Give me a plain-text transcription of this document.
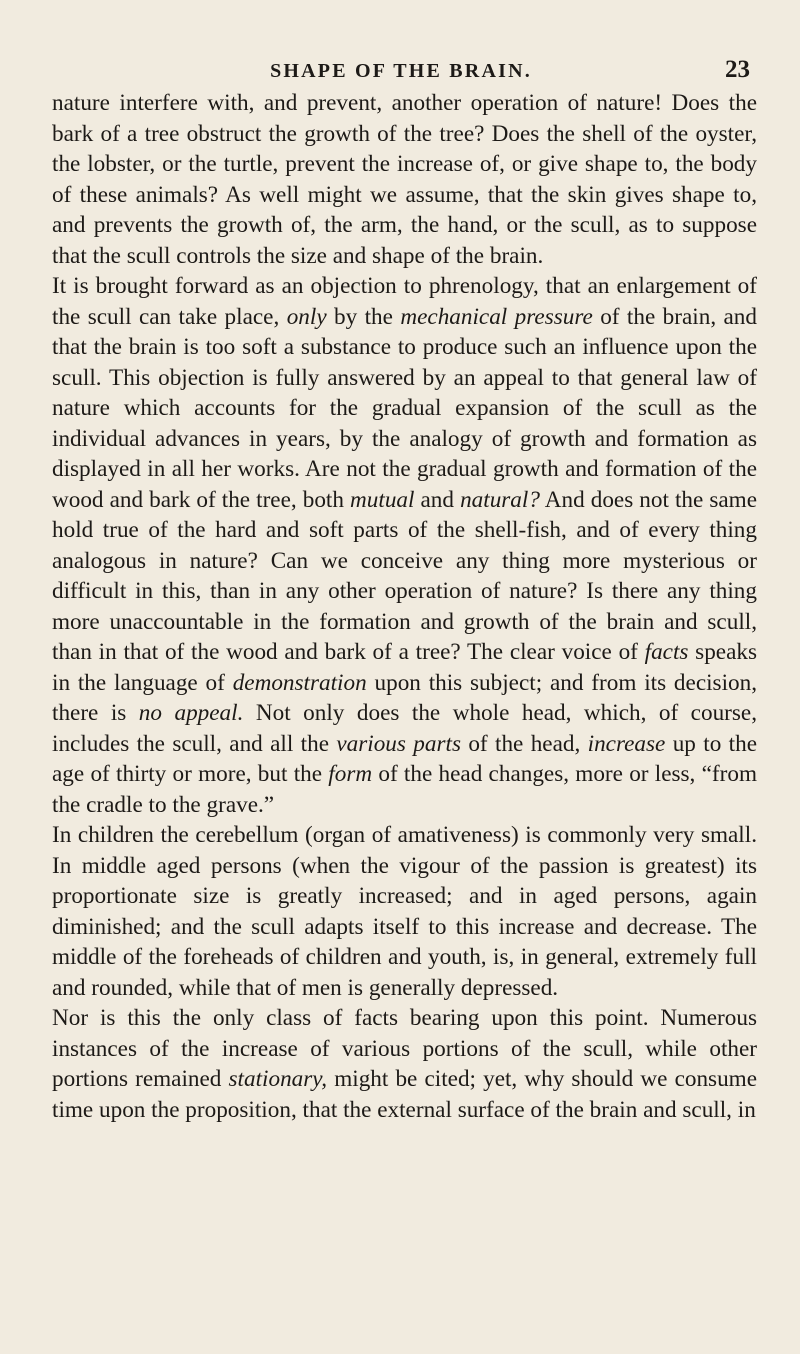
SHAPE OF THE BRAIN.	23

nature interfere with, and prevent, another operation of nature! Does the bark of a tree obstruct the growth of the tree? Does the shell of the oyster, the lobster, or the turtle, prevent the increase of, or give shape to, the body of these animals? As well might we assume, that the skin gives shape to, and prevents the growth of, the arm, the hand, or the scull, as to suppose that the scull controls the size and shape of the brain.

It is brought forward as an objection to phrenology, that an enlargement of the scull can take place, only by the mechanical pressure of the brain, and that the brain is too soft a substance to produce such an influence upon the scull. This objection is fully answered by an appeal to that general law of nature which accounts for the gradual expansion of the scull as the individual advances in years, by the analogy of growth and formation as displayed in all her works. Are not the gradual growth and formation of the wood and bark of the tree, both mutual and natural? And does not the same hold true of the hard and soft parts of the shell-fish, and of every thing analogous in nature? Can we conceive any thing more mysterious or difficult in this, than in any other operation of nature? Is there any thing more unaccountable in the formation and growth of the brain and scull, than in that of the wood and bark of a tree? The clear voice of facts speaks in the language of demonstration upon this subject; and from its decision, there is no appeal. Not only does the whole head, which, of course, includes the scull, and all the various parts of the head, increase up to the age of thirty or more, but the form of the head changes, more or less, “from the cradle to the grave.”

In children the cerebellum (organ of amativeness) is commonly very small. In middle aged persons (when the vigour of the passion is greatest) its proportionate size is greatly increased; and in aged persons, again diminished; and the scull adapts itself to this increase and decrease. The middle of the foreheads of children and youth, is, in general, extremely full and rounded, while that of men is generally depressed.

Nor is this the only class of facts bearing upon this point. Numerous instances of the increase of various portions of the scull, while other portions remained stationary, might be cited; yet, why should we consume time upon the proposition, that the external surface of the brain and scull, in
